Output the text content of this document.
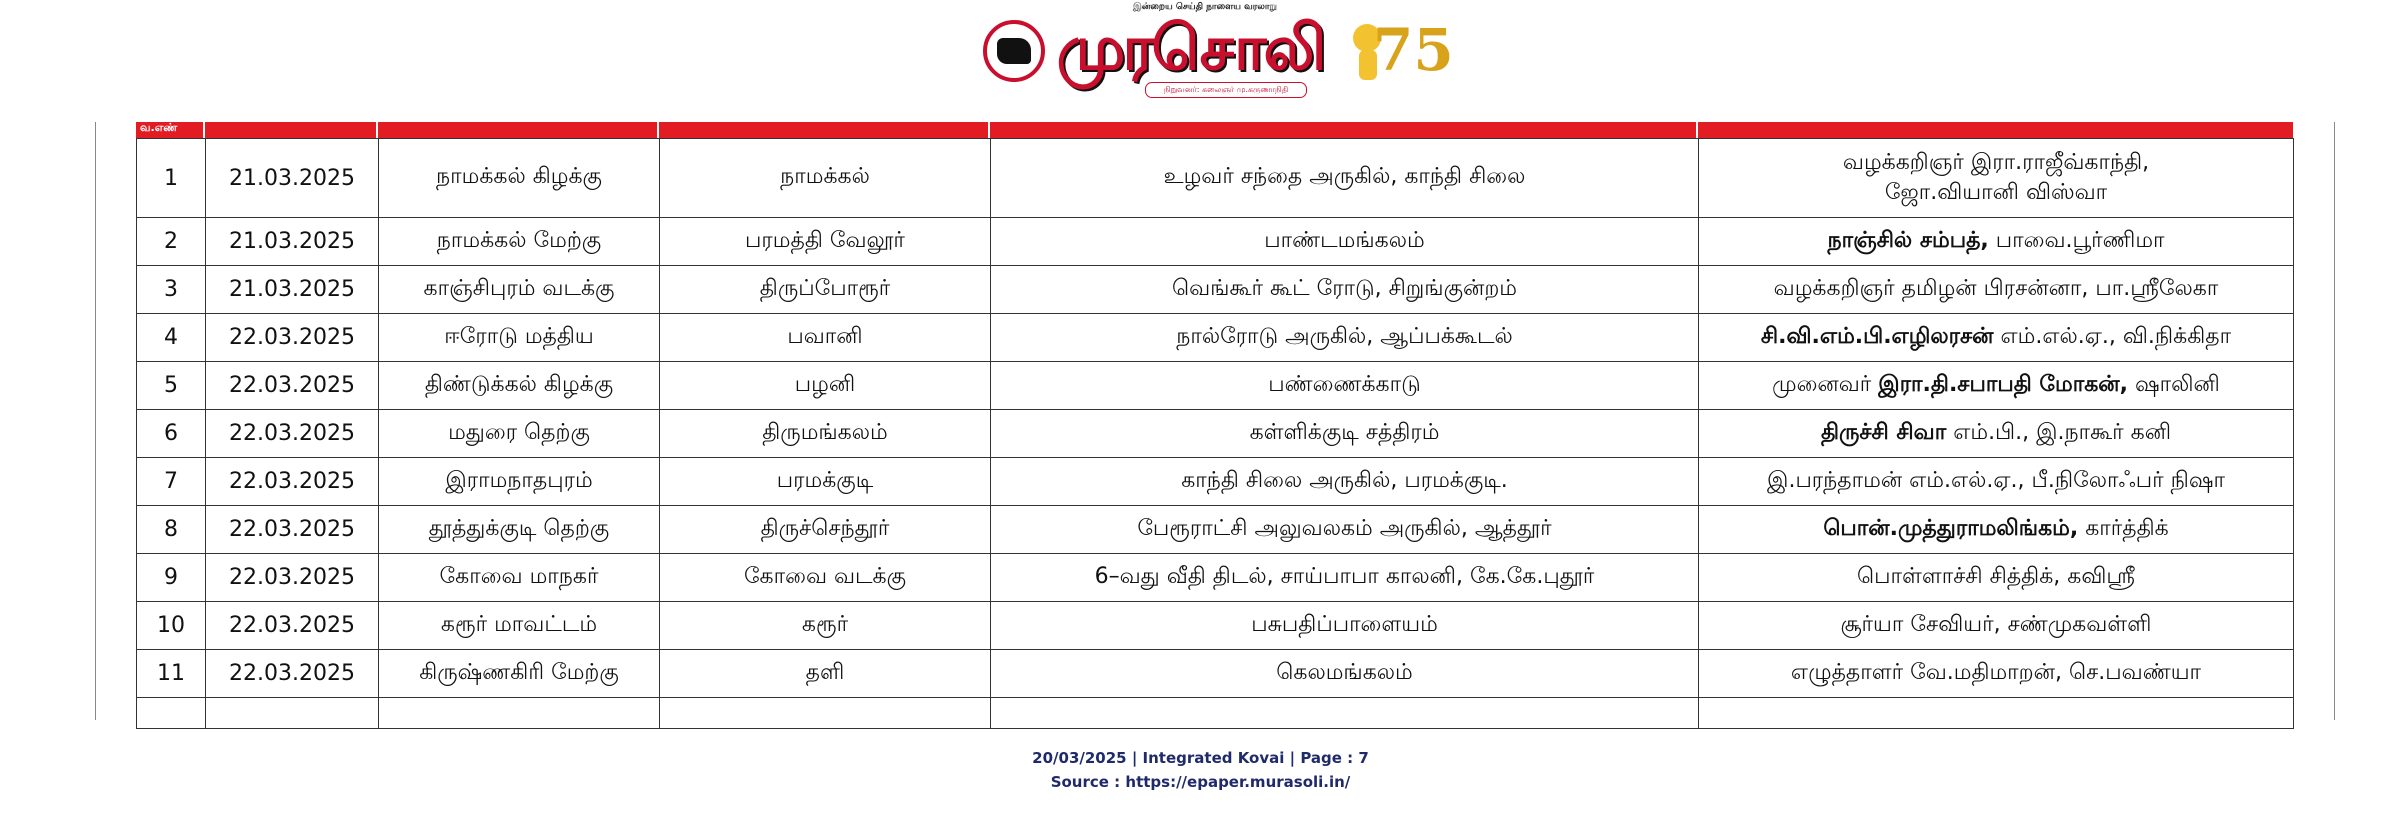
இன்றைய செய்தி நாளைய வரலாறு
முரசொலி
நிறுவனர்: கலைஞர் மு.கருணாநிதி
75
வ.எண்
1	21.03.2025	நாமக்கல் கிழக்கு	நாமக்கல்	உழவர் சந்தை அருகில், காந்தி சிலை	வழக்கறிஞர் இரா.ராஜீவ்காந்தி,
ஜோ.வியானி விஸ்வா

2	21.03.2025	நாமக்கல் மேற்கு	பரமத்தி வேலூர்	பாண்டமங்கலம்	நாஞ்சில் சம்பத், பாவை.பூர்ணிமா
3	21.03.2025	காஞ்சிபுரம் வடக்கு	திருப்போரூர்	வெங்கூர் கூட் ரோடு, சிறுங்குன்றம்	வழக்கறிஞர் தமிழன் பிரசன்னா, பா.ஸ்ரீலேகா
4	22.03.2025	ஈரோடு மத்திய	பவானி	நால்ரோடு அருகில், ஆப்பக்கூடல்	சி.வி.எம்.பி.எழிலரசன் எம்.எல்.ஏ., வி.நிக்கிதா
5	22.03.2025	திண்டுக்கல் கிழக்கு	பழனி	பண்ணைக்காடு	முனைவர் இரா.தி.சபாபதி மோகன், ஷாலினி
6	22.03.2025	மதுரை தெற்கு	திருமங்கலம்	கள்ளிக்குடி சத்திரம்	திருச்சி சிவா எம்.பி., இ.நாகூர் கனி
7	22.03.2025	இராமநாதபுரம்	பரமக்குடி	காந்தி சிலை அருகில், பரமக்குடி.	இ.பரந்தாமன் எம்.எல்.ஏ., பீ.நிலோஃபர் நிஷா
8	22.03.2025	தூத்துக்குடி தெற்கு	திருச்செந்தூர்	பேரூராட்சி அலுவலகம் அருகில், ஆத்தூர்	பொன்.முத்துராமலிங்கம், கார்த்திக்
9	22.03.2025	கோவை மாநகர்	கோவை வடக்கு	6–வது வீதி திடல், சாய்பாபா காலனி, கே.கே.புதூர்	பொள்ளாச்சி சித்திக், கவிஸ்ரீ
10	22.03.2025	கரூர் மாவட்டம்	கரூர்	பசுபதிப்பாளையம்	சூர்யா சேவியர், சண்முகவள்ளி
11	22.03.2025	கிருஷ்ணகிரி மேற்கு	தளி	கெலமங்கலம்	எழுத்தாளர் வே.மதிமாறன், செ.பவண்யா

20/03/2025 | Integrated Kovai | Page : 7
Source : https://epaper.murasoli.in/
